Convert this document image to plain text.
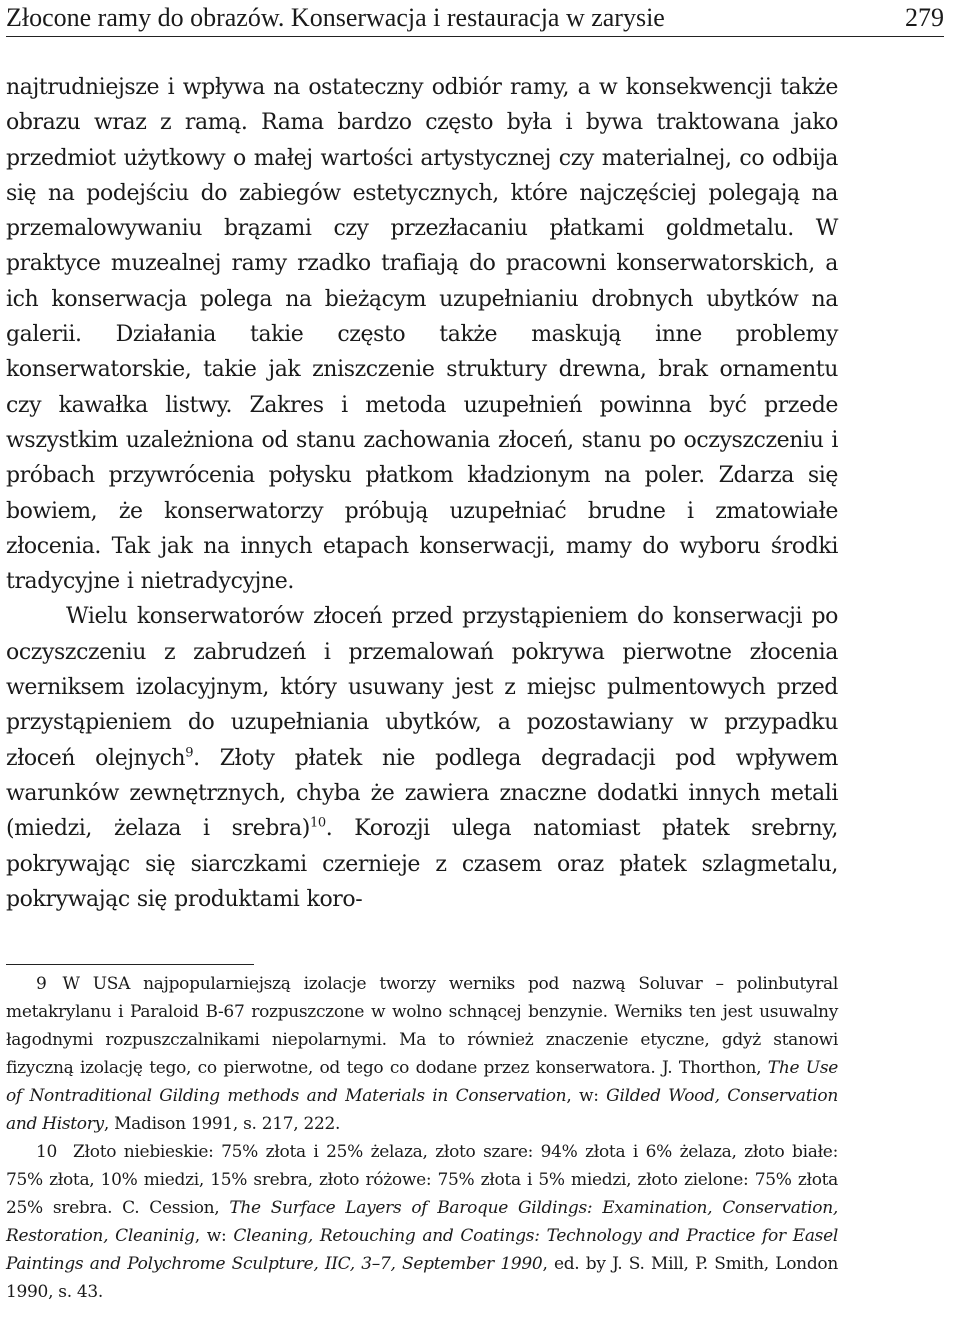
Złocone ramy do obrazów. Konserwacja i restauracja w zarysie	279

najtrudniejsze i wpływa na ostateczny odbiór ramy, a w konsekwencji także obrazu wraz z ramą. Rama bardzo często była i bywa traktowana jako przedmiot użytkowy o małej wartości artystycznej czy materialnej, co odbija się na podejściu do zabiegów estetycznych, które najczęściej polegają na przemalowywaniu brązami czy przezłacaniu płatkami goldmetalu. W praktyce muzealnej ramy rzadko trafiają do pracowni konserwatorskich, a ich konserwacja polega na bieżącym uzupełnianiu drobnych ubytków na galerii. Działania takie często także maskują inne problemy konserwatorskie, takie jak zniszczenie struktury drewna, brak ornamentu czy kawałka listwy. Zakres i metoda uzupełnień powinna być przede wszystkim uzależniona od stanu zachowania złoceń, stanu po oczyszczeniu i próbach przywrócenia połysku płatkom kładzionym na poler. Zdarza się bowiem, że konserwatorzy próbują uzupełniać brudne i zmatowiałe złocenia. Tak jak na innych etapach konserwacji, mamy do wyboru środki tradycyjne i nietradycyjne.

Wielu konserwatorów złoceń przed przystąpieniem do konserwacji po oczyszczeniu z zabrudzeń i przemalowań pokrywa pierwotne złocenia werniksem izolacyjnym, który usuwany jest z miejsc pulmentowych przed przystąpieniem do uzupełniania ubytków, a pozostawiany w przypadku złoceń olejnych$^9$. Złoty płatek nie podlega degradacji pod wpływem warunków zewnętrznych, chyba że zawiera znaczne dodatki innych metali (miedzi, żelaza i srebra)$^{10}$. Korozji ulega natomiast płatek srebrny, pokrywając się siarczkami czernieje z czasem oraz płatek szlagmetalu, pokrywając się produktami koro-

9 W USA najpopularniejszą izolacje tworzy werniks pod nazwą Soluvar – polinbutyral metakrylanu i Paraloid B-67 rozpuszczone w wolno schnącej benzynie. Werniks ten jest usuwalny łagodnymi rozpuszczalnikami niepolarnymi. Ma to również znaczenie etyczne, gdyż stanowi fizyczną izolację tego, co pierwotne, od tego co dodane przez konserwatora. J. Thorthon, The Use of Nontraditional Gilding methods and Materials in Conservation, w: Gilded Wood, Conservation and History, Madison 1991, s. 217, 222.

10 Złoto niebieskie: 75% złota i 25% żelaza, złoto szare: 94% złota i 6% żelaza, złoto białe: 75% złota, 10% miedzi, 15% srebra, złoto różowe: 75% złota i 5% miedzi, złoto zielone: 75% złota 25% srebra. C. Cession, The Surface Layers of Baroque Gildings: Examination, Conservation, Restoration, Cleaninig, w: Cleaning, Retouching and Coatings: Technology and Practice for Easel Paintings and Polychrome Sculpture, IIC, 3–7, September 1990, ed. by J. S. Mill, P. Smith, London 1990, s. 43.
